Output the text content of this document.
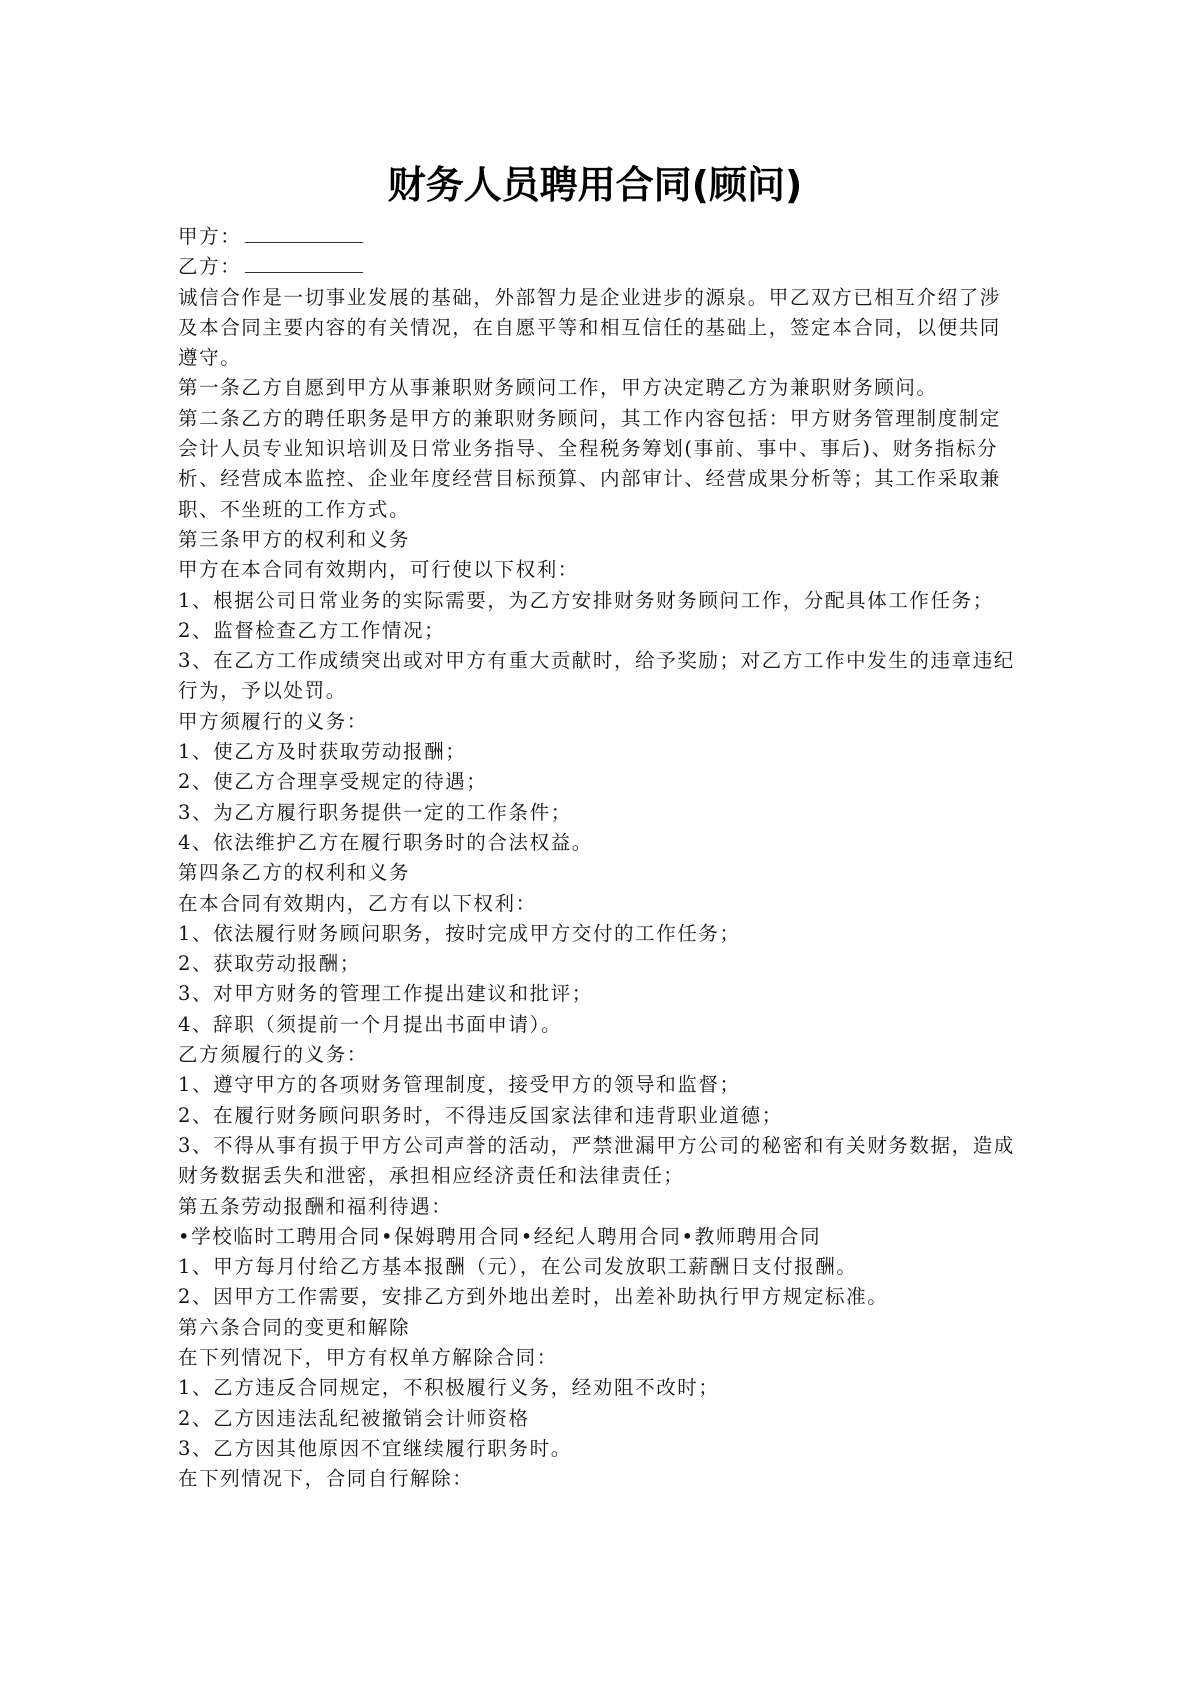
财务人员聘用合同(顾问)
甲方：
乙方：
诚信合作是一切事业发展的基础，外部智力是企业进步的源泉。甲乙双方已相互介绍了涉
及本合同主要内容的有关情况，在自愿平等和相互信任的基础上，签定本合同，以便共同
遵守。
第一条乙方自愿到甲方从事兼职财务顾问工作，甲方决定聘乙方为兼职财务顾问。
第二条乙方的聘任职务是甲方的兼职财务顾问，其工作内容包括：甲方财务管理制度制定
会计人员专业知识培训及日常业务指导、全程税务筹划(事前、事中、事后)、财务指标分
析、经营成本监控、企业年度经营目标预算、内部审计、经营成果分析等；其工作采取兼
职、不坐班的工作方式。
第三条甲方的权利和义务
甲方在本合同有效期内，可行使以下权利：
1、根据公司日常业务的实际需要，为乙方安排财务财务顾问工作，分配具体工作任务；
2、监督检查乙方工作情况；
3、在乙方工作成绩突出或对甲方有重大贡献时，给予奖励；对乙方工作中发生的违章违纪
行为，予以处罚。
甲方须履行的义务：
1、使乙方及时获取劳动报酬；
2、使乙方合理享受规定的待遇；
3、为乙方履行职务提供一定的工作条件；
4、依法维护乙方在履行职务时的合法权益。
第四条乙方的权利和义务
在本合同有效期内，乙方有以下权利：
1、依法履行财务顾问职务，按时完成甲方交付的工作任务；
2、获取劳动报酬；
3、对甲方财务的管理工作提出建议和批评；
4、辞职（须提前一个月提出书面申请）。
乙方须履行的义务：
1、遵守甲方的各项财务管理制度，接受甲方的领导和监督；
2、在履行财务顾问职务时，不得违反国家法律和违背职业道德；
3、不得从事有损于甲方公司声誉的活动，严禁泄漏甲方公司的秘密和有关财务数据，造成
财务数据丢失和泄密，承担相应经济责任和法律责任；
第五条劳动报酬和福利待遇：
•学校临时工聘用合同•保姆聘用合同•经纪人聘用合同•教师聘用合同
1、甲方每月付给乙方基本报酬（元），在公司发放职工薪酬日支付报酬。
2、因甲方工作需要，安排乙方到外地出差时，出差补助执行甲方规定标准。
第六条合同的变更和解除
在下列情况下，甲方有权单方解除合同：
1、乙方违反合同规定，不积极履行义务，经劝阻不改时；
2、乙方因违法乱纪被撤销会计师资格
3、乙方因其他原因不宜继续履行职务时。
在下列情况下，合同自行解除：
